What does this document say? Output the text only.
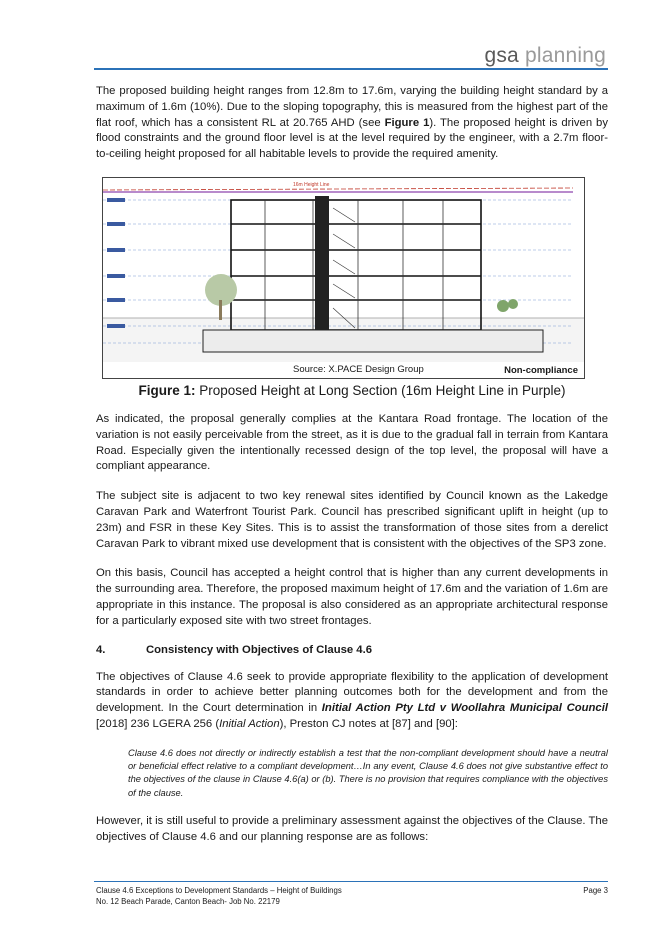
gsa planning

The proposed building height ranges from 12.8m to 17.6m, varying the building height standard by a maximum of 1.6m (10%). Due to the sloping topography, this is measured from the highest part of the flat roof, which has a consistent RL at 20.765 AHD (see Figure 1). The proposed height is driven by flood constraints and the ground floor level is at the level required by the engineer, with a 2.7m floor-to-ceiling height proposed for all habitable levels to provide the required amenity.

16m Height Line
Source: X.PACE Design Group	Non-compliance
Figure 1: Proposed Height at Long Section (16m Height Line in Purple)

As indicated, the proposal generally complies at the Kantara Road frontage. The location of the variation is not easily perceivable from the street, as it is due to the gradual fall in terrain from Kantara Road. Especially given the intentionally recessed design of the top level, the proposal will have a compliant appearance.

The subject site is adjacent to two key renewal sites identified by Council known as the Lakedge Caravan Park and Waterfront Tourist Park. Council has prescribed significant uplift in height (up to 23m) and FSR in these Key Sites. This is to assist the transformation of those sites from a derelict Caravan Park to vibrant mixed use development that is consistent with the objectives of the SP3 zone.

On this basis, Council has accepted a height control that is higher than any current developments in the surrounding area. Therefore, the proposed maximum height of 17.6m and the variation of 1.6m are appropriate in this instance. The proposal is also considered as an appropriate architectural response for a particularly exposed site with two street frontages.

4.	Consistency with Objectives of Clause 4.6

The objectives of Clause 4.6 seek to provide appropriate flexibility to the application of development standards in order to achieve better planning outcomes both for the development and from the development. In the Court determination in Initial Action Pty Ltd v Woollahra Municipal Council [2018] 236 LGERA 256 (Initial Action), Preston CJ notes at [87] and [90]:

Clause 4.6 does not directly or indirectly establish a test that the non-compliant development should have a neutral or beneficial effect relative to a compliant development…In any event, Clause 4.6 does not give substantive effect to the objectives of the clause in Clause 4.6(a) or (b). There is no provision that requires compliance with the objectives of the clause.

However, it is still useful to provide a preliminary assessment against the objectives of the Clause. The objectives of Clause 4.6 and our planning response are as follows:

Clause 4.6 Exceptions to Development Standards – Height of Buildings
No. 12 Beach Parade, Canton Beach- Job No. 22179
Page 3
